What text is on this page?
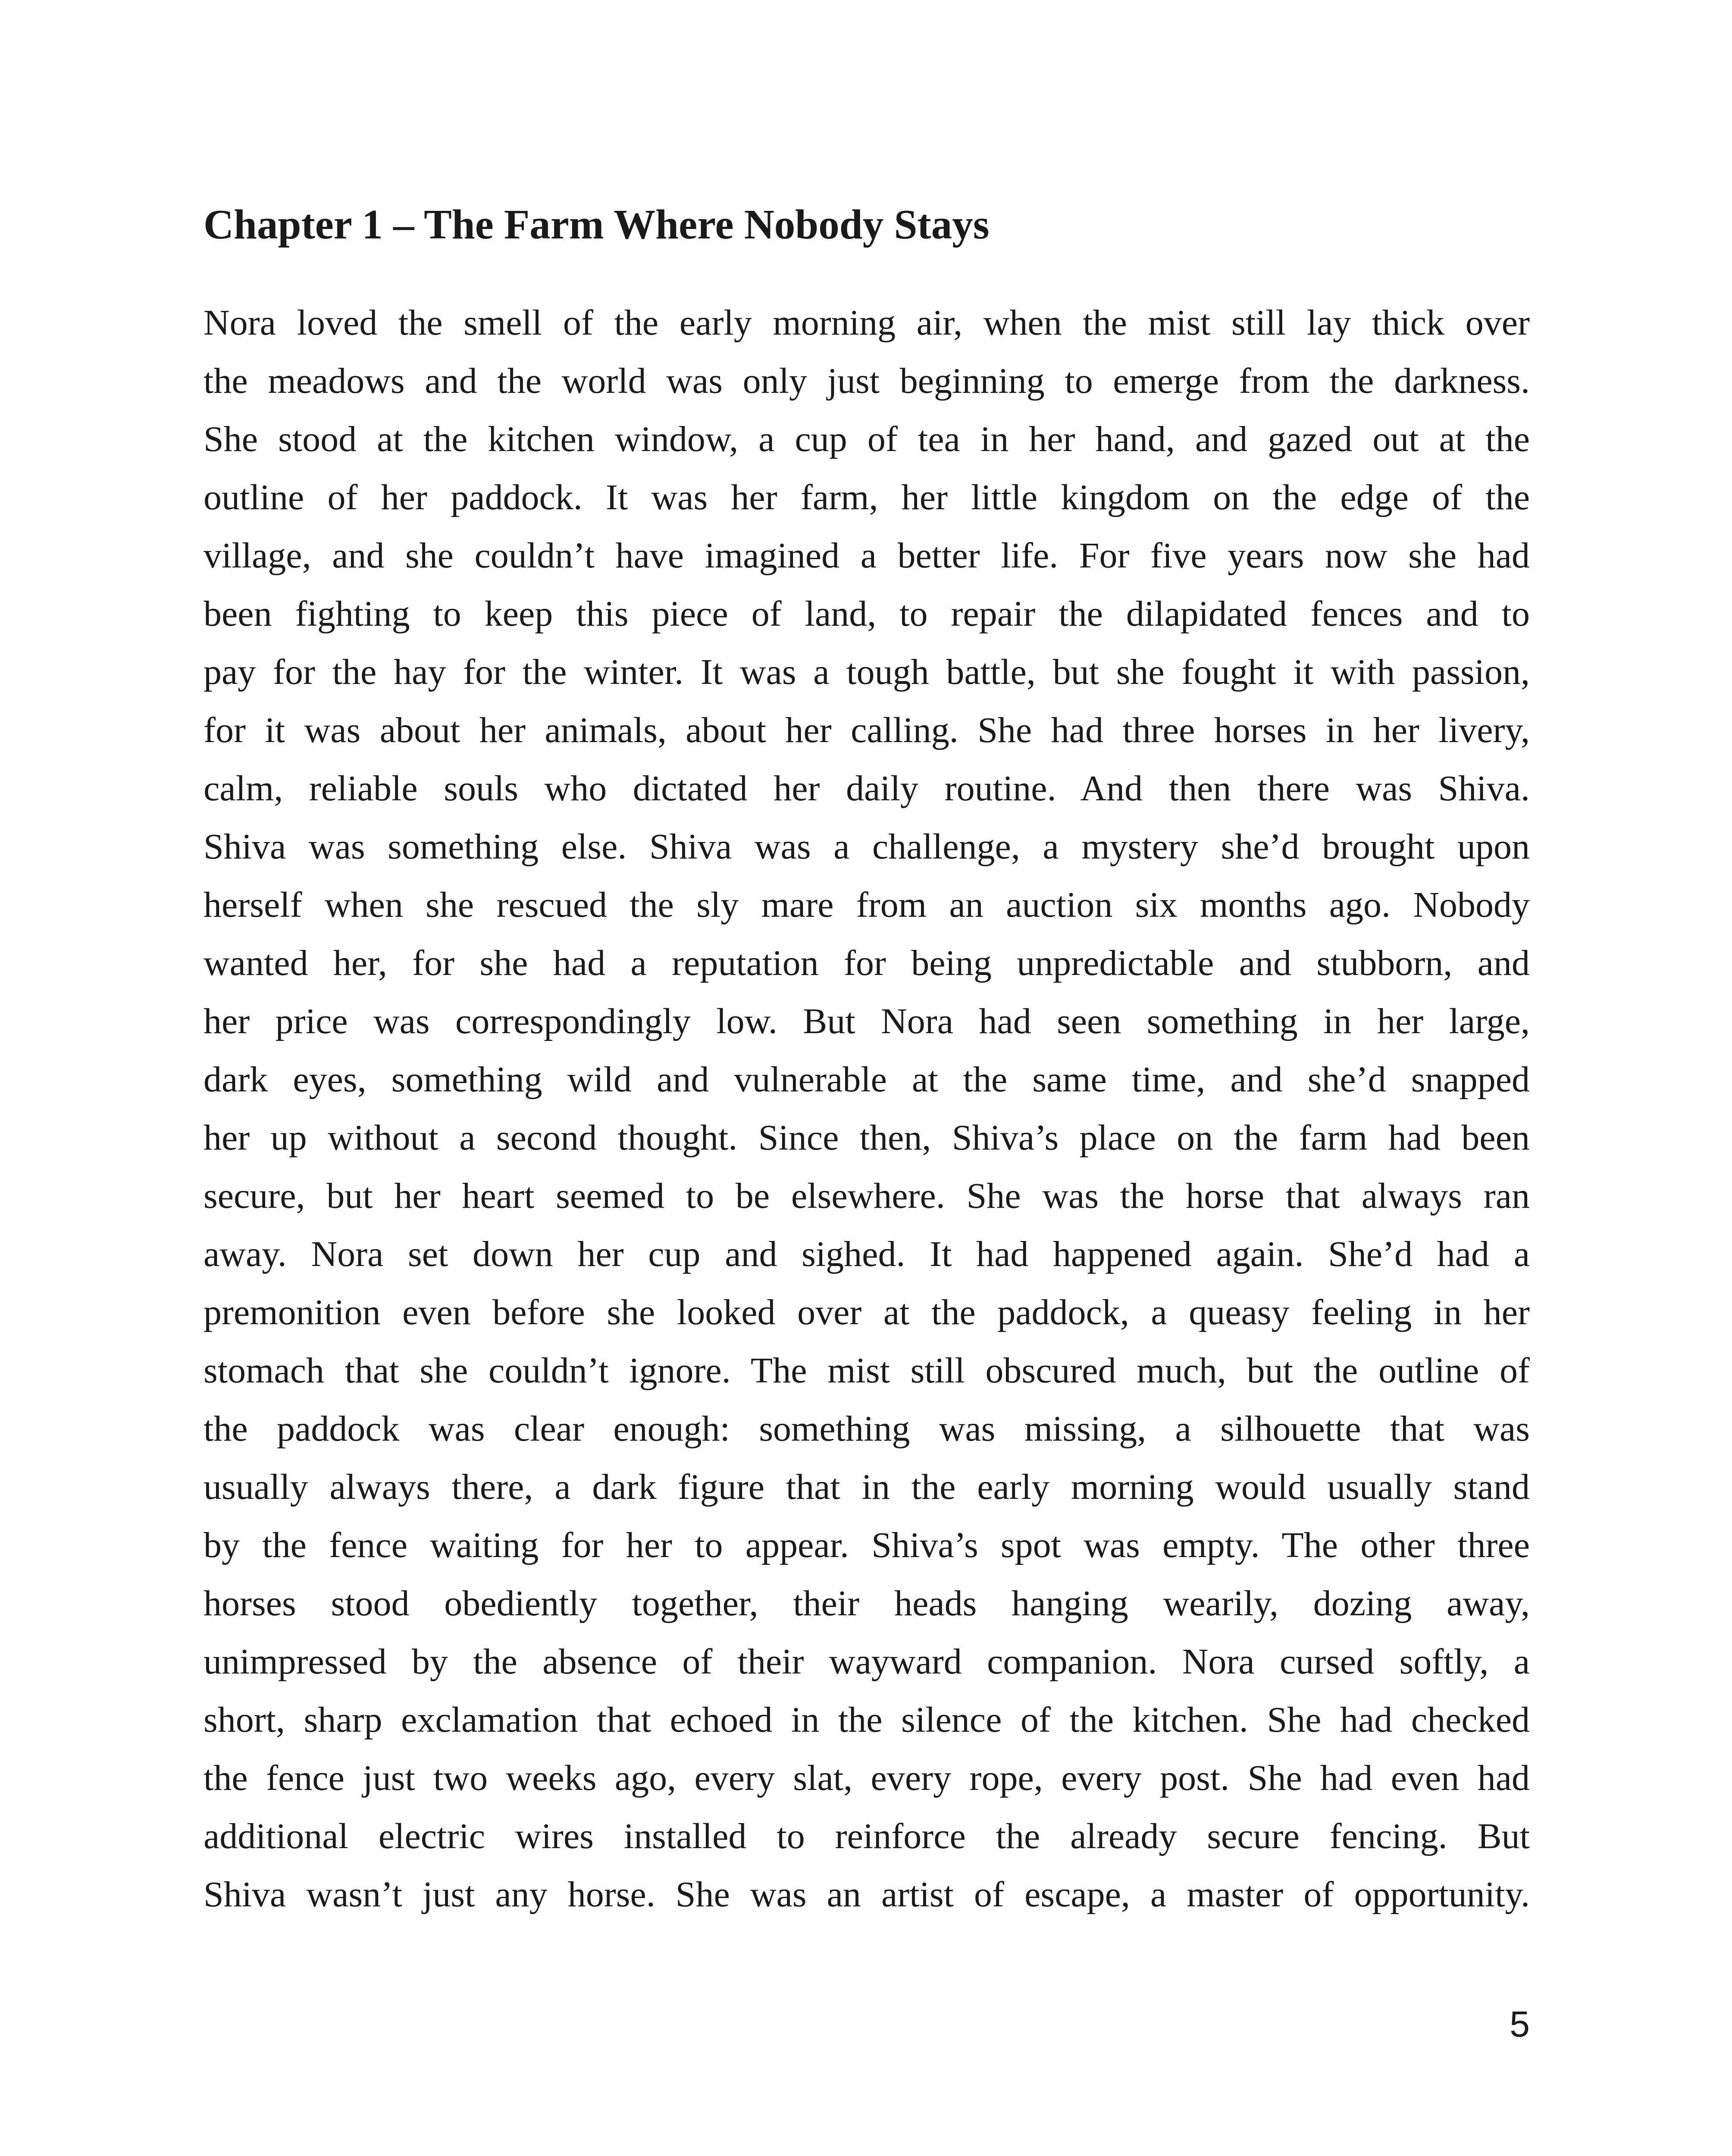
Chapter 1 – The Farm Where Nobody Stays
Nora loved the smell of the early morning air, when the mist still lay thick over
the meadows and the world was only just beginning to emerge from the darkness.
She stood at the kitchen window, a cup of tea in her hand, and gazed out at the
outline of her paddock. It was her farm, her little kingdom on the edge of the
village, and she couldn’t have imagined a better life. For five years now she had
been fighting to keep this piece of land, to repair the dilapidated fences and to
pay for the hay for the winter. It was a tough battle, but she fought it with passion,
for it was about her animals, about her calling. She had three horses in her livery,
calm, reliable souls who dictated her daily routine. And then there was Shiva.
Shiva was something else. Shiva was a challenge, a mystery she’d brought upon
herself when she rescued the sly mare from an auction six months ago. Nobody
wanted her, for she had a reputation for being unpredictable and stubborn, and
her price was correspondingly low. But Nora had seen something in her large,
dark eyes, something wild and vulnerable at the same time, and she’d snapped
her up without a second thought. Since then, Shiva’s place on the farm had been
secure, but her heart seemed to be elsewhere. She was the horse that always ran
away. Nora set down her cup and sighed. It had happened again. She’d had a
premonition even before she looked over at the paddock, a queasy feeling in her
stomach that she couldn’t ignore. The mist still obscured much, but the outline of
the paddock was clear enough: something was missing, a silhouette that was
usually always there, a dark figure that in the early morning would usually stand
by the fence waiting for her to appear. Shiva’s spot was empty. The other three
horses stood obediently together, their heads hanging wearily, dozing away,
unimpressed by the absence of their wayward companion. Nora cursed softly, a
short, sharp exclamation that echoed in the silence of the kitchen. She had checked
the fence just two weeks ago, every slat, every rope, every post. She had even had
additional electric wires installed to reinforce the already secure fencing. But
Shiva wasn’t just any horse. She was an artist of escape, a master of opportunity.
5
